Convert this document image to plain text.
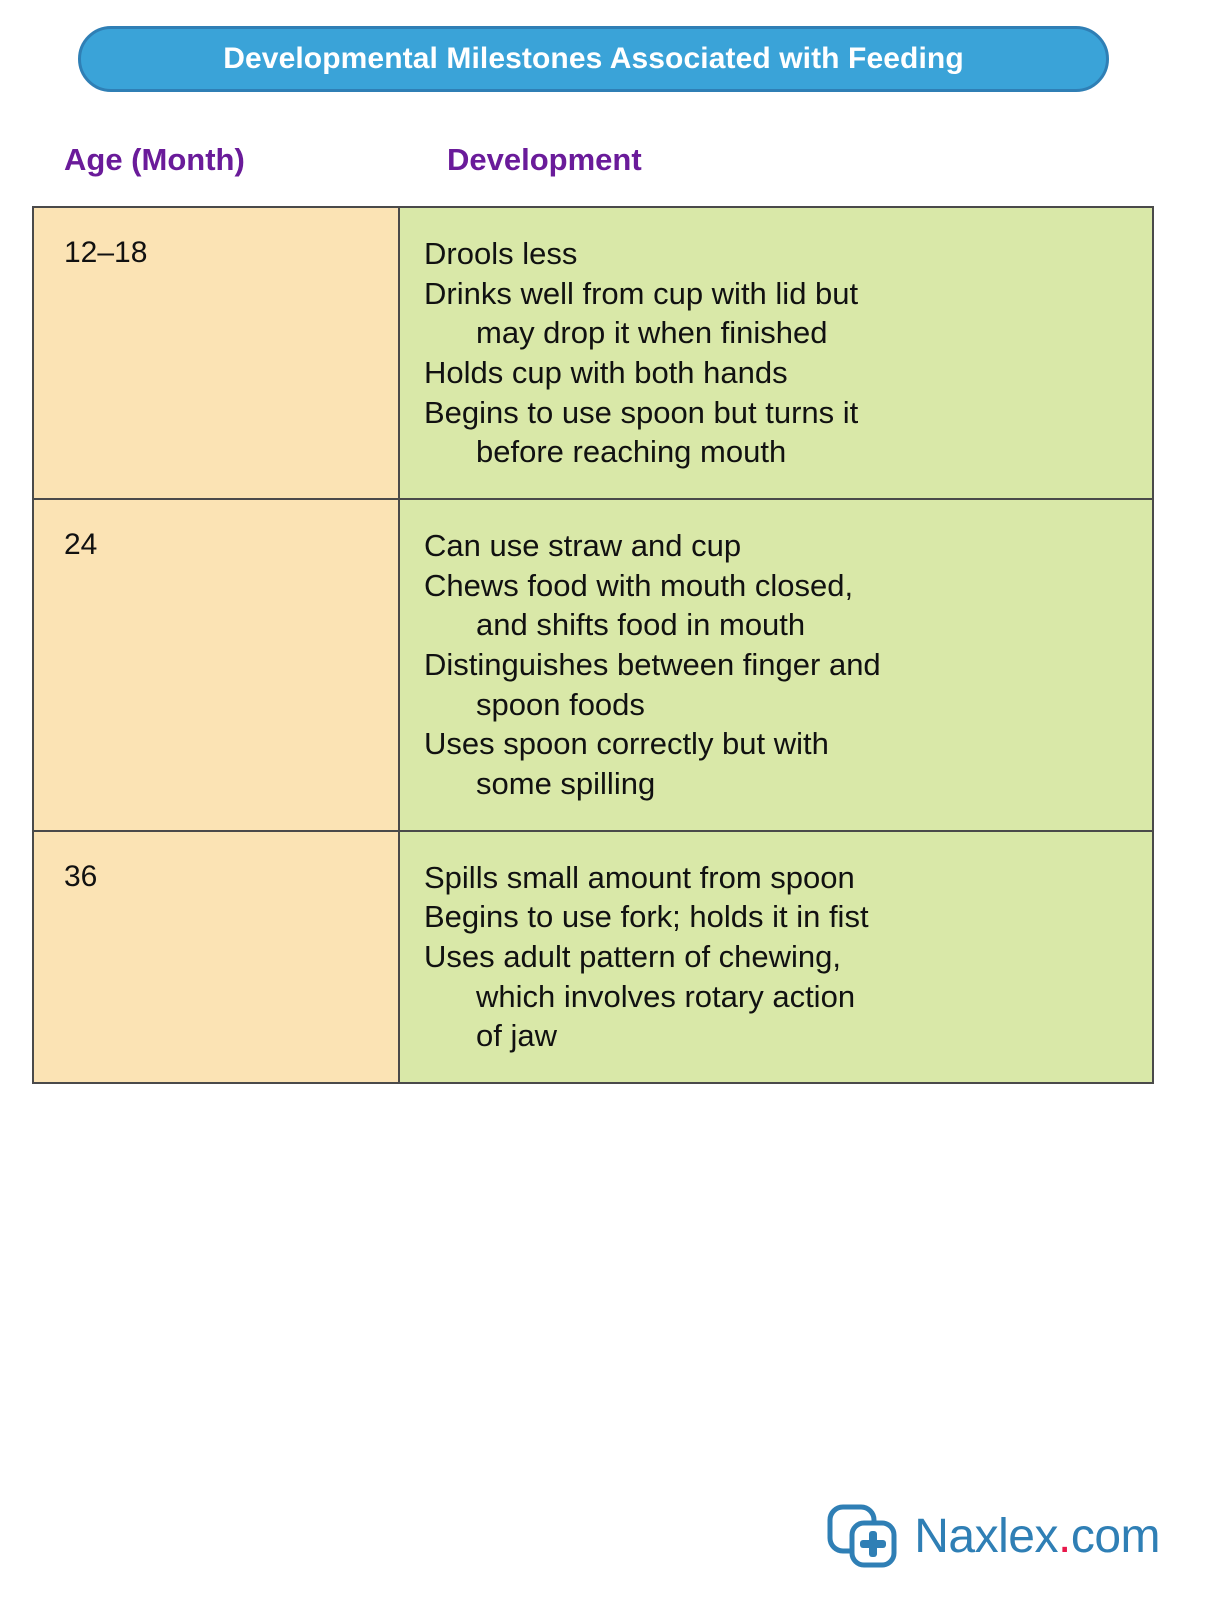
Developmental Milestones Associated with Feeding
Age (Month)	Development
12–18	Drools less
Drinks well from cup with lid but
may drop it when finished
Holds cup with both hands
Begins to use spoon but turns it
before reaching mouth

24	Can use straw and cup
Chews food with mouth closed,
and shifts food in mouth
Distinguishes between finger and
spoon foods
Uses spoon correctly but with
some spilling

36	Spills small amount from spoon
Begins to use fork; holds it in fist
Uses adult pattern of chewing,
which involves rotary action
of jaw
Naxlex.com
